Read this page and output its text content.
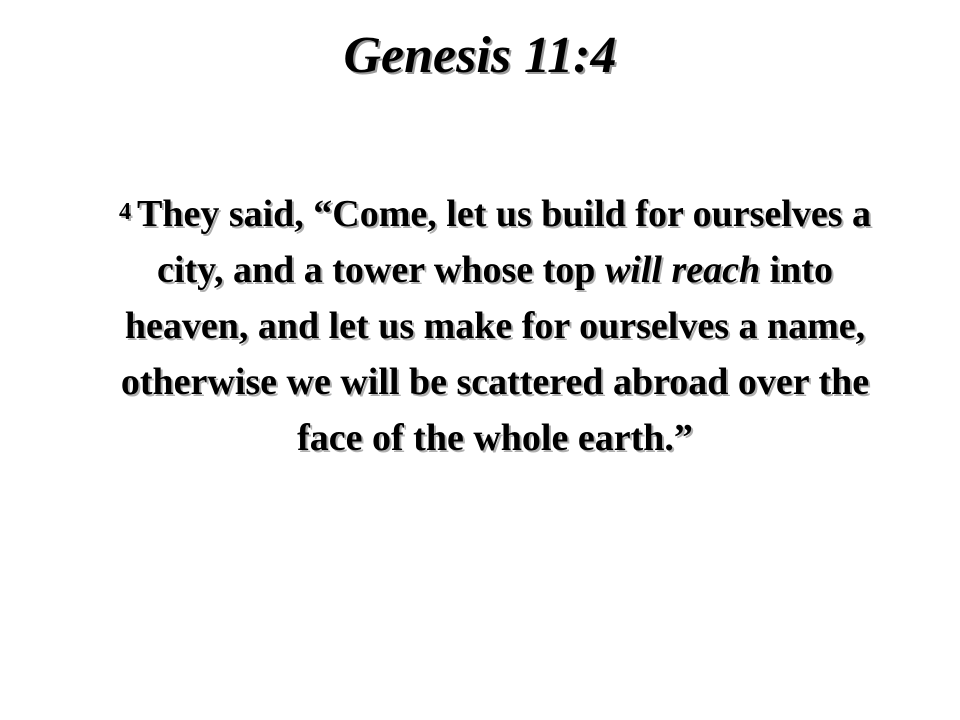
Genesis 11:4
$^4$ They said, “Come, let us build for ourselves a city, and a tower whose top will reach into heaven, and let us make for ourselves a name, otherwise we will be scattered abroad over the face of the whole earth.”
